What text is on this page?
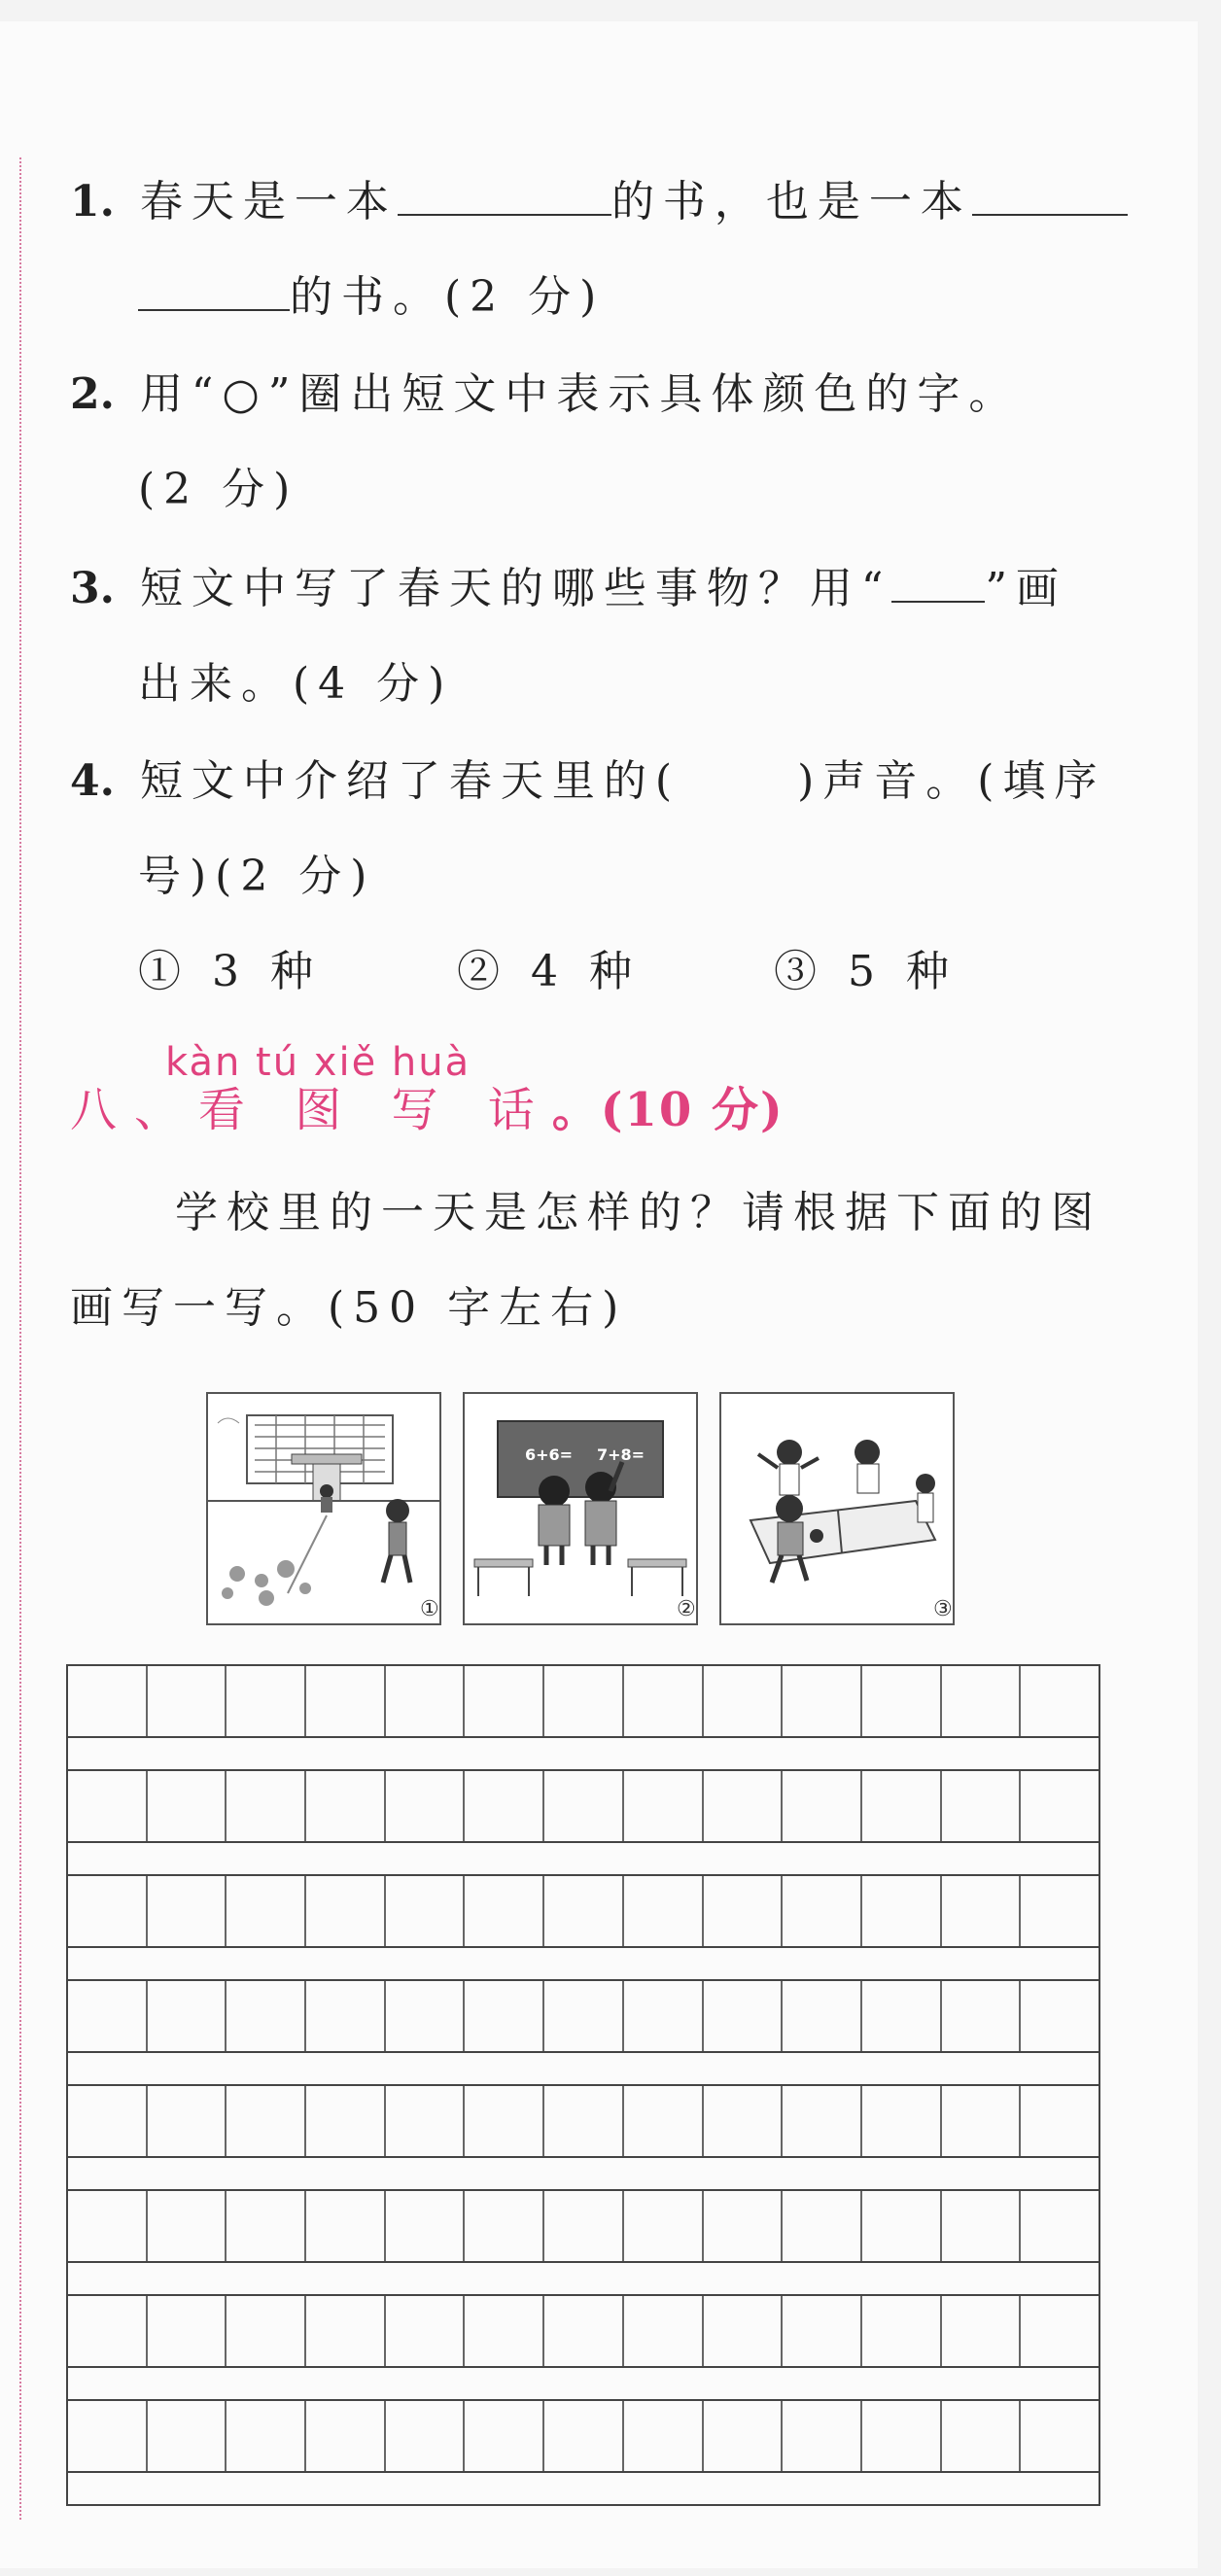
1. 春天是一本	的书，也是一本
的书。(2 分)
2. 用“○”圈出短文中表示具体颜色的字。
(2 分)
3. 短文中写了春天的哪些事物？用“ ”画
出来。(4 分)
4. 短文中介绍了春天里的(	)声音。(填序
号)(2 分)
① 3 种	② 4 种	③ 5 种
kàn tú xiě huà
八、看 图 写 话。(10 分)
学校里的一天是怎样的？请根据下面的图
画写一写。(50 字左右)
①
6+6= 7+8=
②	③
